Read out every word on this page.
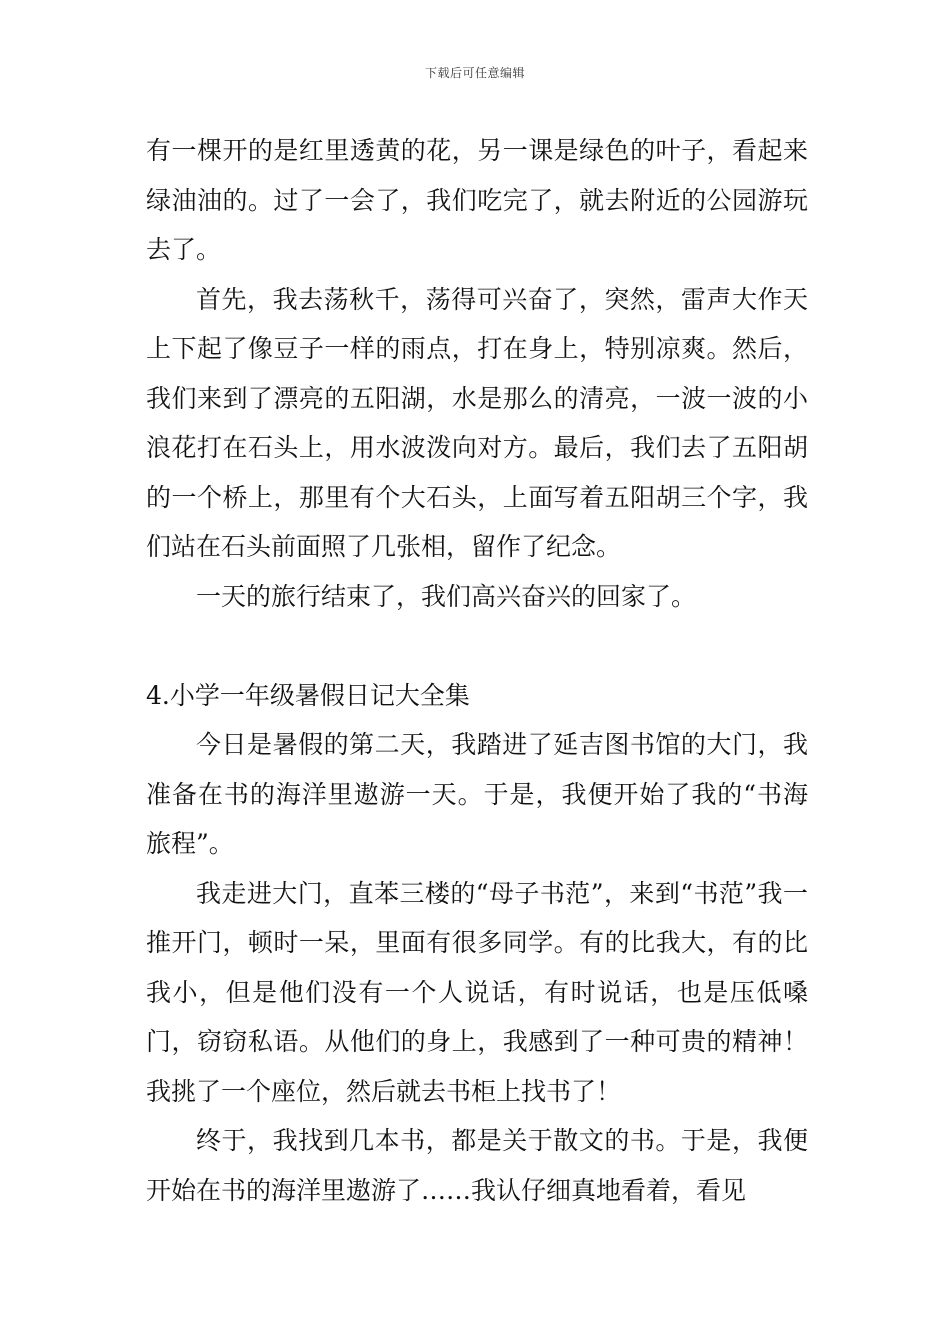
下载后可任意编辑

有一棵开的是红里透黄的花，另一课是绿色的叶子，看起来绿油油的。过了一会了，我们吃完了，就去附近的公园游玩去了。

首先，我去荡秋千，荡得可兴奋了，突然，雷声大作天上下起了像豆子一样的雨点，打在身上，特别凉爽。然后，我们来到了漂亮的五阳湖，水是那么的清亮，一波一波的小浪花打在石头上，用水波泼向对方。最后，我们去了五阳胡的一个桥上，那里有个大石头，上面写着五阳胡三个字，我们站在石头前面照了几张相，留作了纪念。

一天的旅行结束了，我们高兴奋兴的回家了。

4.小学一年级暑假日记大全集

今日是暑假的第二天，我踏进了延吉图书馆的大门，我准备在书的海洋里遨游一天。于是，我便开始了我的“书海旅程”。

我走进大门，直苯三楼的“母子书范”，来到“书范”我一推开门，顿时一呆，里面有很多同学。有的比我大，有的比我小，但是他们没有一个人说话，有时说话，也是压低嗓门，窃窃私语。从他们的身上，我感到了一种可贵的精神！我挑了一个座位，然后就去书柜上找书了！

终于，我找到几本书，都是关于散文的书。于是，我便开始在书的海洋里遨游了……我认仔细真地看着，看见
